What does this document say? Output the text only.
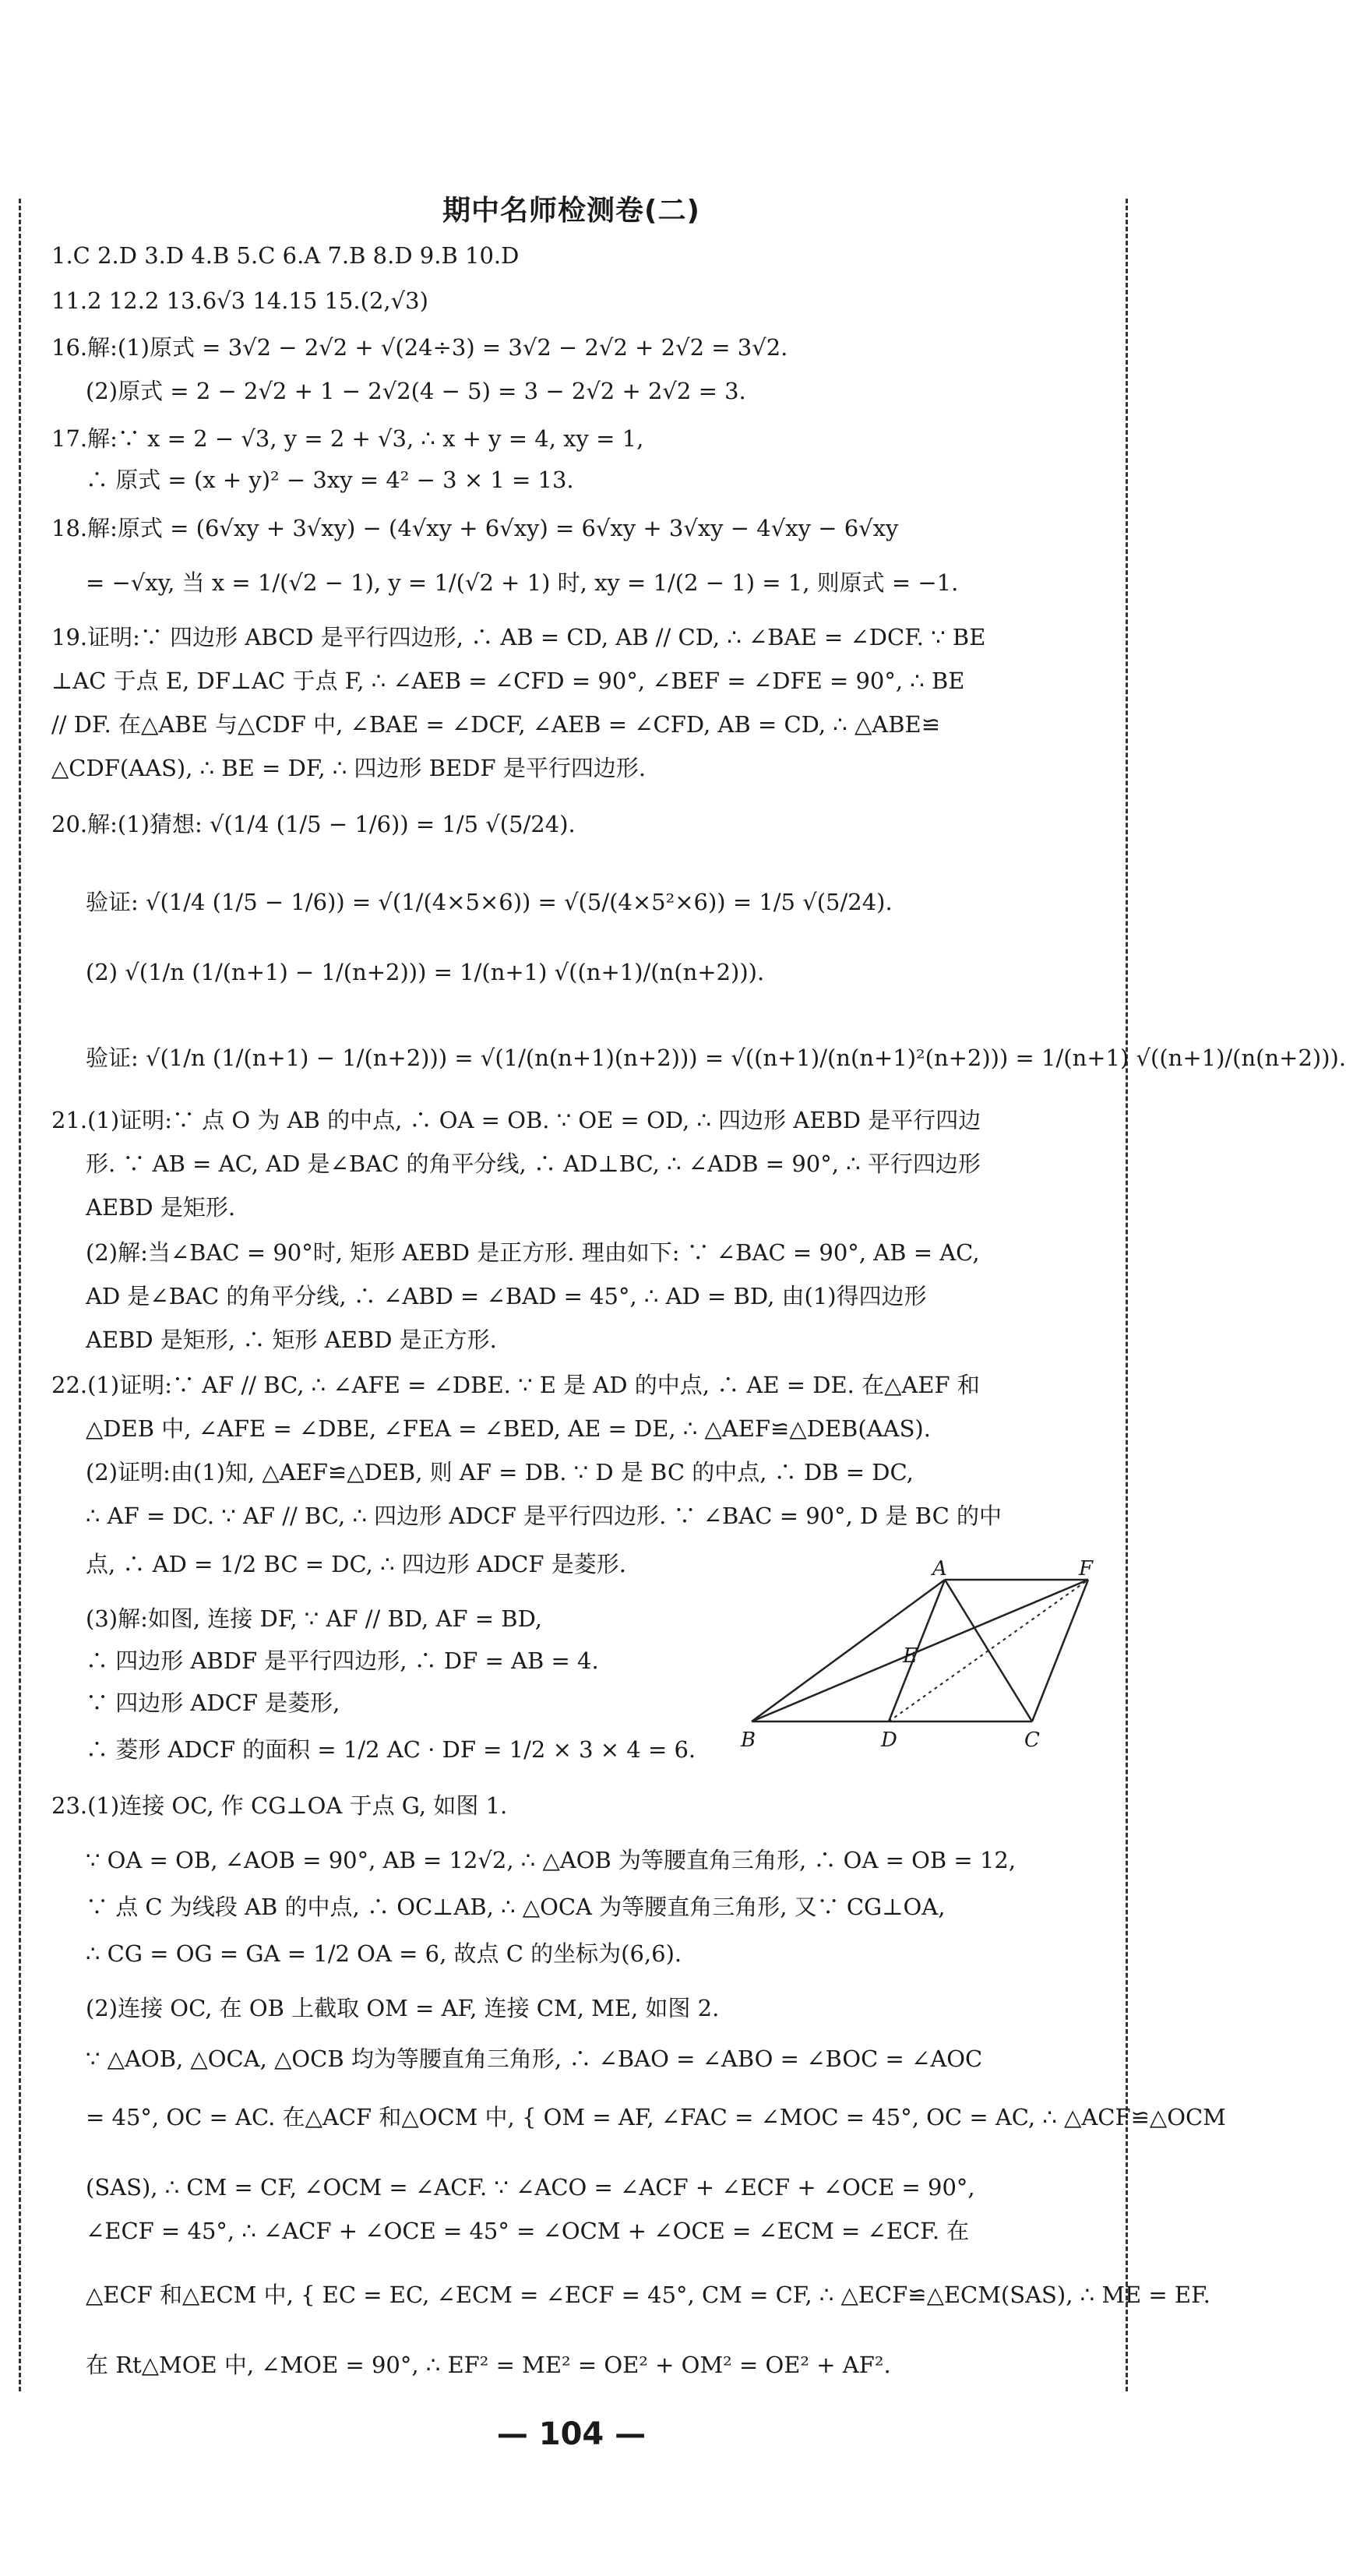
期中名师检测卷(二)
1.C 2.D 3.D 4.B 5.C 6.A 7.B 8.D 9.B 10.D
11.2 12.2 13.6√3 14.15 15.(2,√3)
16.解:(1)原式 = 3√2 − 2√2 + √(24÷3) = 3√2 − 2√2 + 2√2 = 3√2.
(2)原式 = 2 − 2√2 + 1 − 2√2(4 − 5) = 3 − 2√2 + 2√2 = 3.
17.解:∵ x = 2 − √3, y = 2 + √3, ∴ x + y = 4, xy = 1,
∴ 原式 = (x + y)² − 3xy = 4² − 3 × 1 = 13.
18.解:原式 = (6√xy + 3√xy) − (4√xy + 6√xy) = 6√xy + 3√xy − 4√xy − 6√xy
= −√xy, 当 x = 1/(√2 − 1), y = 1/(√2 + 1) 时, xy = 1/(2 − 1) = 1, 则原式 = −1.
19.证明:∵ 四边形 ABCD 是平行四边形, ∴ AB = CD, AB // CD, ∴ ∠BAE = ∠DCF. ∵ BE
⊥AC 于点 E, DF⊥AC 于点 F, ∴ ∠AEB = ∠CFD = 90°, ∠BEF = ∠DFE = 90°, ∴ BE
// DF. 在△ABE 与△CDF 中, ∠BAE = ∠DCF, ∠AEB = ∠CFD, AB = CD, ∴ △ABE≌
△CDF(AAS), ∴ BE = DF, ∴ 四边形 BEDF 是平行四边形.
20.解:(1)猜想: √(1/4 (1/5 − 1/6)) = 1/5 √(5/24).
验证: √(1/4 (1/5 − 1/6)) = √(1/(4×5×6)) = √(5/(4×5²×6)) = 1/5 √(5/24).
(2) √(1/n (1/(n+1) − 1/(n+2))) = 1/(n+1) √((n+1)/(n(n+2))).
验证: √(1/n (1/(n+1) − 1/(n+2))) = √(1/(n(n+1)(n+2))) = √((n+1)/(n(n+1)²(n+2))) = 1/(n+1) √((n+1)/(n(n+2))).
21.(1)证明:∵ 点 O 为 AB 的中点, ∴ OA = OB. ∵ OE = OD, ∴ 四边形 AEBD 是平行四边
形. ∵ AB = AC, AD 是∠BAC 的角平分线, ∴ AD⊥BC, ∴ ∠ADB = 90°, ∴ 平行四边形
AEBD 是矩形.
(2)解:当∠BAC = 90°时, 矩形 AEBD 是正方形. 理由如下: ∵ ∠BAC = 90°, AB = AC,
AD 是∠BAC 的角平分线, ∴ ∠ABD = ∠BAD = 45°, ∴ AD = BD, 由(1)得四边形
AEBD 是矩形, ∴ 矩形 AEBD 是正方形.
22.(1)证明:∵ AF // BC, ∴ ∠AFE = ∠DBE. ∵ E 是 AD 的中点, ∴ AE = DE. 在△AEF 和
△DEB 中, ∠AFE = ∠DBE, ∠FEA = ∠BED, AE = DE, ∴ △AEF≌△DEB(AAS).
(2)证明:由(1)知, △AEF≌△DEB, 则 AF = DB. ∵ D 是 BC 的中点, ∴ DB = DC,
∴ AF = DC. ∵ AF // BC, ∴ 四边形 ADCF 是平行四边形. ∵ ∠BAC = 90°, D 是 BC 的中
点, ∴ AD = 1/2 BC = DC, ∴ 四边形 ADCF 是菱形.
(3)解:如图, 连接 DF, ∵ AF // BD, AF = BD,
∴ 四边形 ABDF 是平行四边形, ∴ DF = AB = 4.
∵ 四边形 ADCF 是菱形,
∴ 菱形 ADCF 的面积 = 1/2 AC · DF = 1/2 × 3 × 4 = 6.
23.(1)连接 OC, 作 CG⊥OA 于点 G, 如图 1.
∵ OA = OB, ∠AOB = 90°, AB = 12√2, ∴ △AOB 为等腰直角三角形, ∴ OA = OB = 12,
∵ 点 C 为线段 AB 的中点, ∴ OC⊥AB, ∴ △OCA 为等腰直角三角形, 又∵ CG⊥OA,
∴ CG = OG = GA = 1/2 OA = 6, 故点 C 的坐标为(6,6).
(2)连接 OC, 在 OB 上截取 OM = AF, 连接 CM, ME, 如图 2.
∵ △AOB, △OCA, △OCB 均为等腰直角三角形, ∴ ∠BAO = ∠ABO = ∠BOC = ∠AOC
= 45°, OC = AC. 在△ACF 和△OCM 中, { OM = AF, ∠FAC = ∠MOC = 45°, OC = AC, ∴ △ACF≌△OCM
(SAS), ∴ CM = CF, ∠OCM = ∠ACF. ∵ ∠ACO = ∠ACF + ∠ECF + ∠OCE = 90°,
∠ECF = 45°, ∴ ∠ACF + ∠OCE = 45° = ∠OCM + ∠OCE = ∠ECM = ∠ECF. 在
△ECF 和△ECM 中, { EC = EC, ∠ECM = ∠ECF = 45°, CM = CF, ∴ △ECF≌△ECM(SAS), ∴ ME = EF.
在 Rt△MOE 中, ∠MOE = 90°, ∴ EF² = ME² = OE² + OM² = OE² + AF².
A	F
E
B	D	C
— 104 —
